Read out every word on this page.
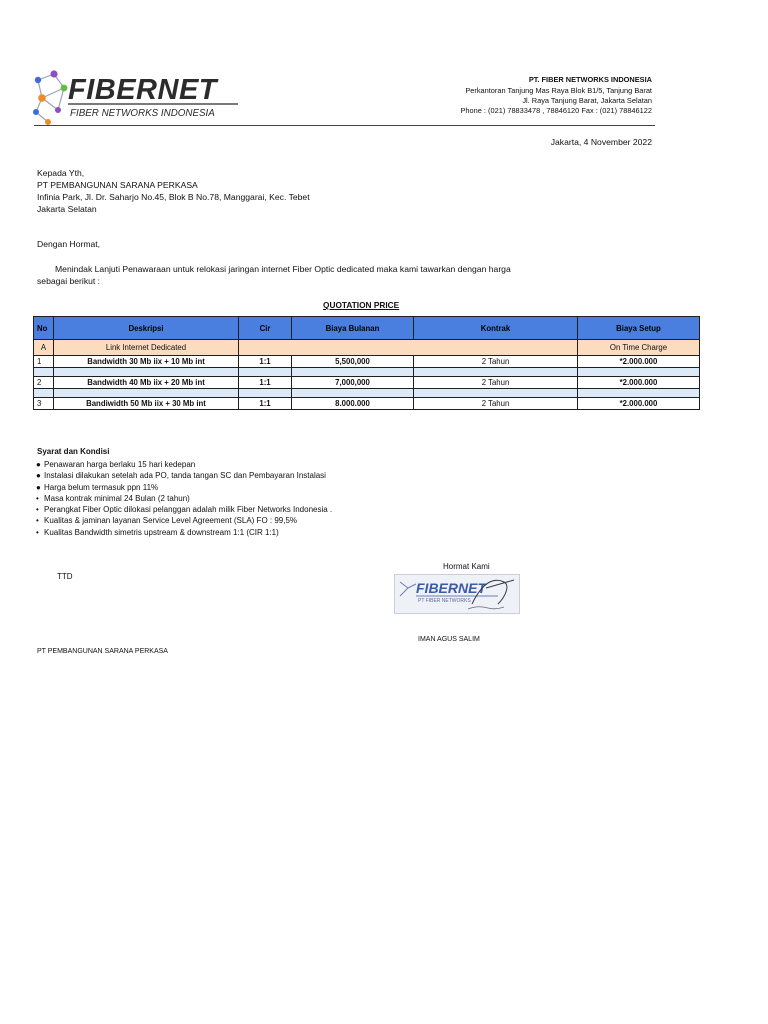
FIBERNET
FIBER NETWORKS INDONESIA
PT. FIBER NETWORKS INDONESIA
Perkantoran Tanjung Mas Raya Blok B1/5, Tanjung Barat
Jl. Raya Tanjung Barat, Jakarta Selatan
Phone : (021) 78833478 , 78846120 Fax : (021) 78846122
Jakarta, 4 November 2022
Kepada Yth,
PT PEMBANGUNAN SARANA PERKASA
Infinia Park, Jl. Dr. Saharjo No.45, Blok B No.78, Manggarai, Kec. Tebet
Jakarta Selatan
Dengan Hormat,
Menindak Lanjuti Penawaraan untuk relokasi jaringan internet Fiber Optic dedicated maka kami tawarkan dengan harga
sebagai berikut :
QUOTATION PRICE
No	Deskripsi	Cir	Biaya Bulanan	Kontrak	Biaya Setup
A	Link Internet Dedicated				On Time Charge
1	Bandwidth 30 Mb iix + 10 Mb int	1:1	5,500,000	2 Tahun	*2.000.000

2	Bandwidth 40 Mb iix + 20 Mb int	1:1	7,000,000	2 Tahun	*2.000.000

3	Bandiwidth 50 Mb iix + 30 Mb int	1:1	8.000.000	2 Tahun	*2.000.000
Syarat dan Kondisi
● Penawaran harga berlaku 15 hari kedepan
● Instalasi dilakukan setelah ada PO, tanda tangan SC dan Pembayaran Instalasi
● Harga belum termasuk ppn 11%
• Masa kontrak minimal 24 Bulan (2 tahun)
• Perangkat Fiber Optic dilokasi pelanggan adalah milik Fiber Networks Indonesia .
• Kualitas & jaminan layanan Service Level Agreement (SLA) FO : 99,5%
• Kualitas Bandwidth simetris upstream & downstream 1:1 (CIR 1:1)
Hormat Kami
TTD
FIBERNET
PT FIBER NETWORKS
IMAN AGUS SALIM
PT PEMBANGUNAN SARANA PERKASA
